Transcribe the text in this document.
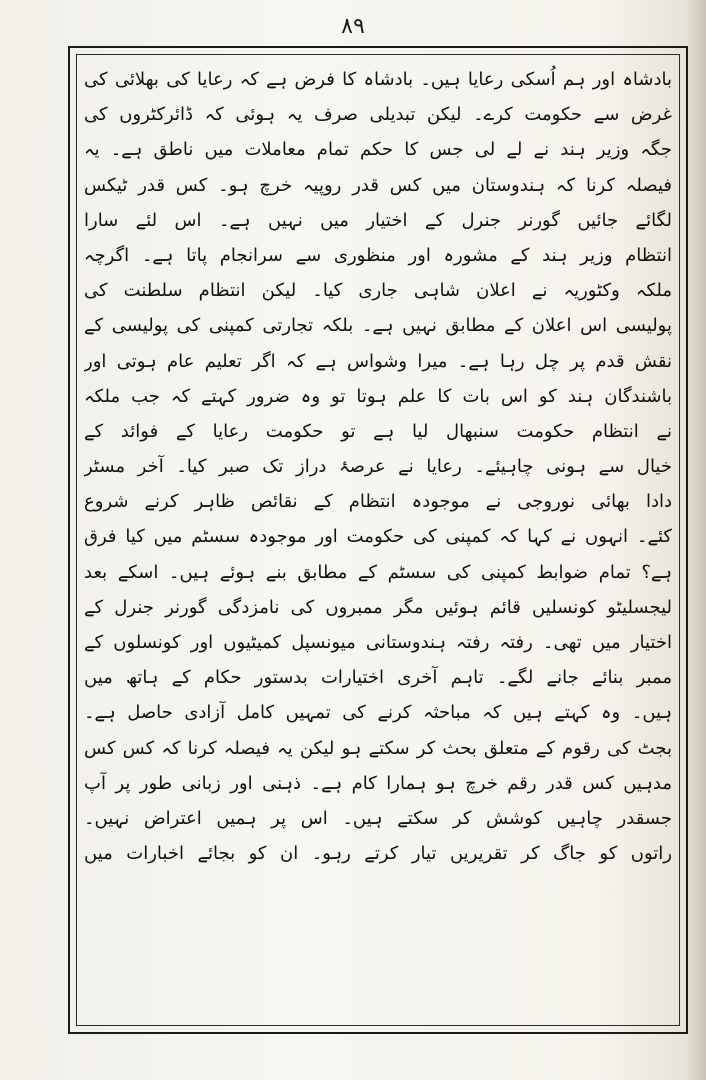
۸۹
بادشاہ اور ہم اُسکی رعایا ہیں۔ بادشاہ کا فرض ہے کہ رعایا کی بھلائی کی
غرض سے حکومت کرے۔ لیکن تبدیلی صرف یہ ہوئی کہ ڈائرکٹروں کی
جگہ وزیر ہند نے لے لی جس کا حکم تمام معاملات میں ناطق ہے۔ یہ
فیصلہ کرنا کہ ہندوستان میں کس قدر روپیہ خرچ ہو۔ کس قدر ٹیکس
لگائے جائیں گورنر جنرل کے اختیار میں نہیں ہے۔ اس لئے سارا
انتظام وزیر ہند کے مشورہ اور منظوری سے سرانجام پاتا ہے۔ اگرچہ
ملکہ وکٹوریہ نے اعلان شاہی جاری کیا۔ لیکن انتظام سلطنت کی
پولیسی اس اعلان کے مطابق نہیں ہے۔ بلکہ تجارتی کمپنی کی پولیسی کے
نقش قدم پر چل رہا ہے۔ میرا وشواس ہے کہ اگر تعلیم عام ہوتی اور
باشندگان ہند کو اس بات کا علم ہوتا تو وہ ضرور کہتے کہ جب ملکہ
نے انتظام حکومت سنبھال لیا ہے تو حکومت رعایا کے فوائد کے
خیال سے ہونی چاہیئے۔ رعایا نے عرصۂ دراز تک صبر کیا۔ آخر مسٹر
دادا بھائی نوروجی نے موجودہ انتظام کے نقائص ظاہر کرنے شروع
کئے۔ انہوں نے کہا کہ کمپنی کی حکومت اور موجودہ سسٹم میں کیا فرق
ہے؟ تمام ضوابط کمپنی کی سسٹم کے مطابق بنے ہوئے ہیں۔ اسکے بعد
لیجسلیٹو کونسلیں قائم ہوئیں مگر ممبروں کی نامزدگی گورنر جنرل کے
اختیار میں تھی۔ رفتہ رفتہ ہندوستانی میونسپل کمیٹیوں اور کونسلوں کے
ممبر بنائے جانے لگے۔ تاہم آخری اختیارات بدستور حکام کے ہاتھ میں
ہیں۔ وہ کہتے ہیں کہ مباحثہ کرنے کی تمہیں کامل آزادی حاصل ہے۔
بجٹ کی رقوم کے متعلق بحث کر سکتے ہو لیکن یہ فیصلہ کرنا کہ کس کس
مدہیں کس قدر رقم خرچ ہو ہمارا کام ہے۔ ذہنی اور زبانی طور پر آپ
جسقدر چاہیں کوشش کر سکتے ہیں۔ اس پر ہمیں اعتراض نہیں۔
راتوں کو جاگ کر تقریریں تیار کرتے رہو۔ ان کو بجائے اخبارات میں
